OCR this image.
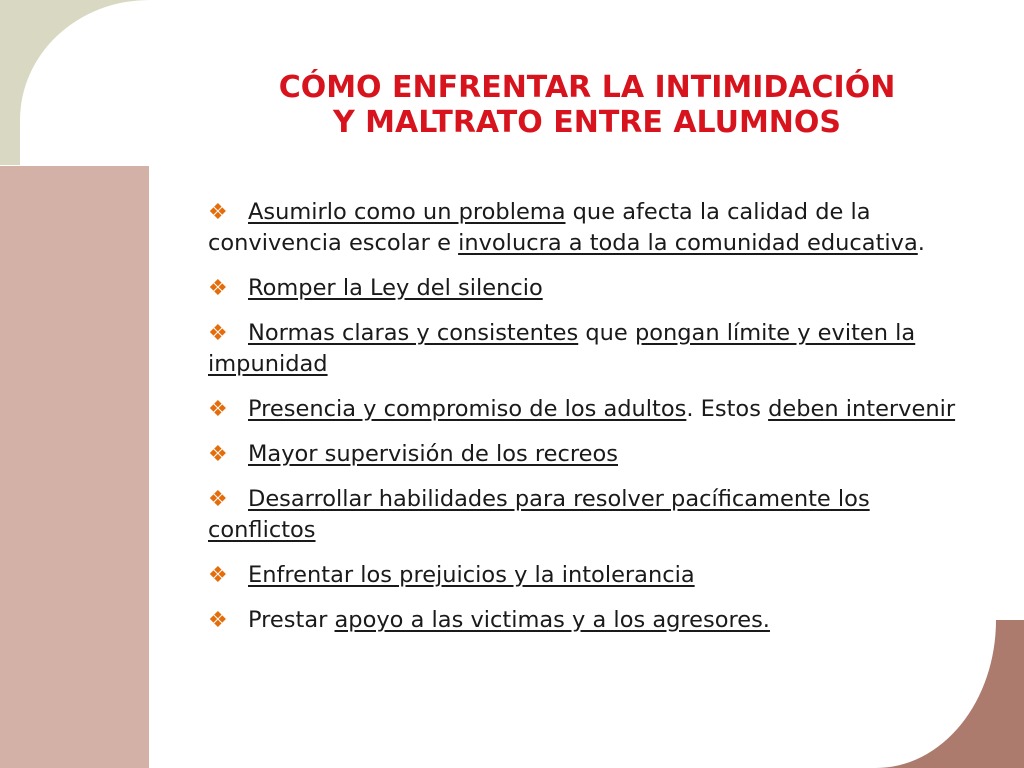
CÓMO ENFRENTAR LA INTIMIDACIÓN
Y MALTRATO ENTRE ALUMNOS
❖ Asumirlo como un problema que afecta la calidad de la convivencia escolar e involucra a toda la comunidad educativa.
❖ Romper la Ley del silencio
❖ Normas claras y consistentes que pongan límite y eviten la impunidad
❖ Presencia y compromiso de los adultos. Estos deben intervenir
❖ Mayor supervisión de los recreos
❖ Desarrollar habilidades para resolver pacíficamente los conflictos
❖ Enfrentar los prejuicios y la intolerancia
❖ Prestar apoyo a las victimas y a los agresores.
